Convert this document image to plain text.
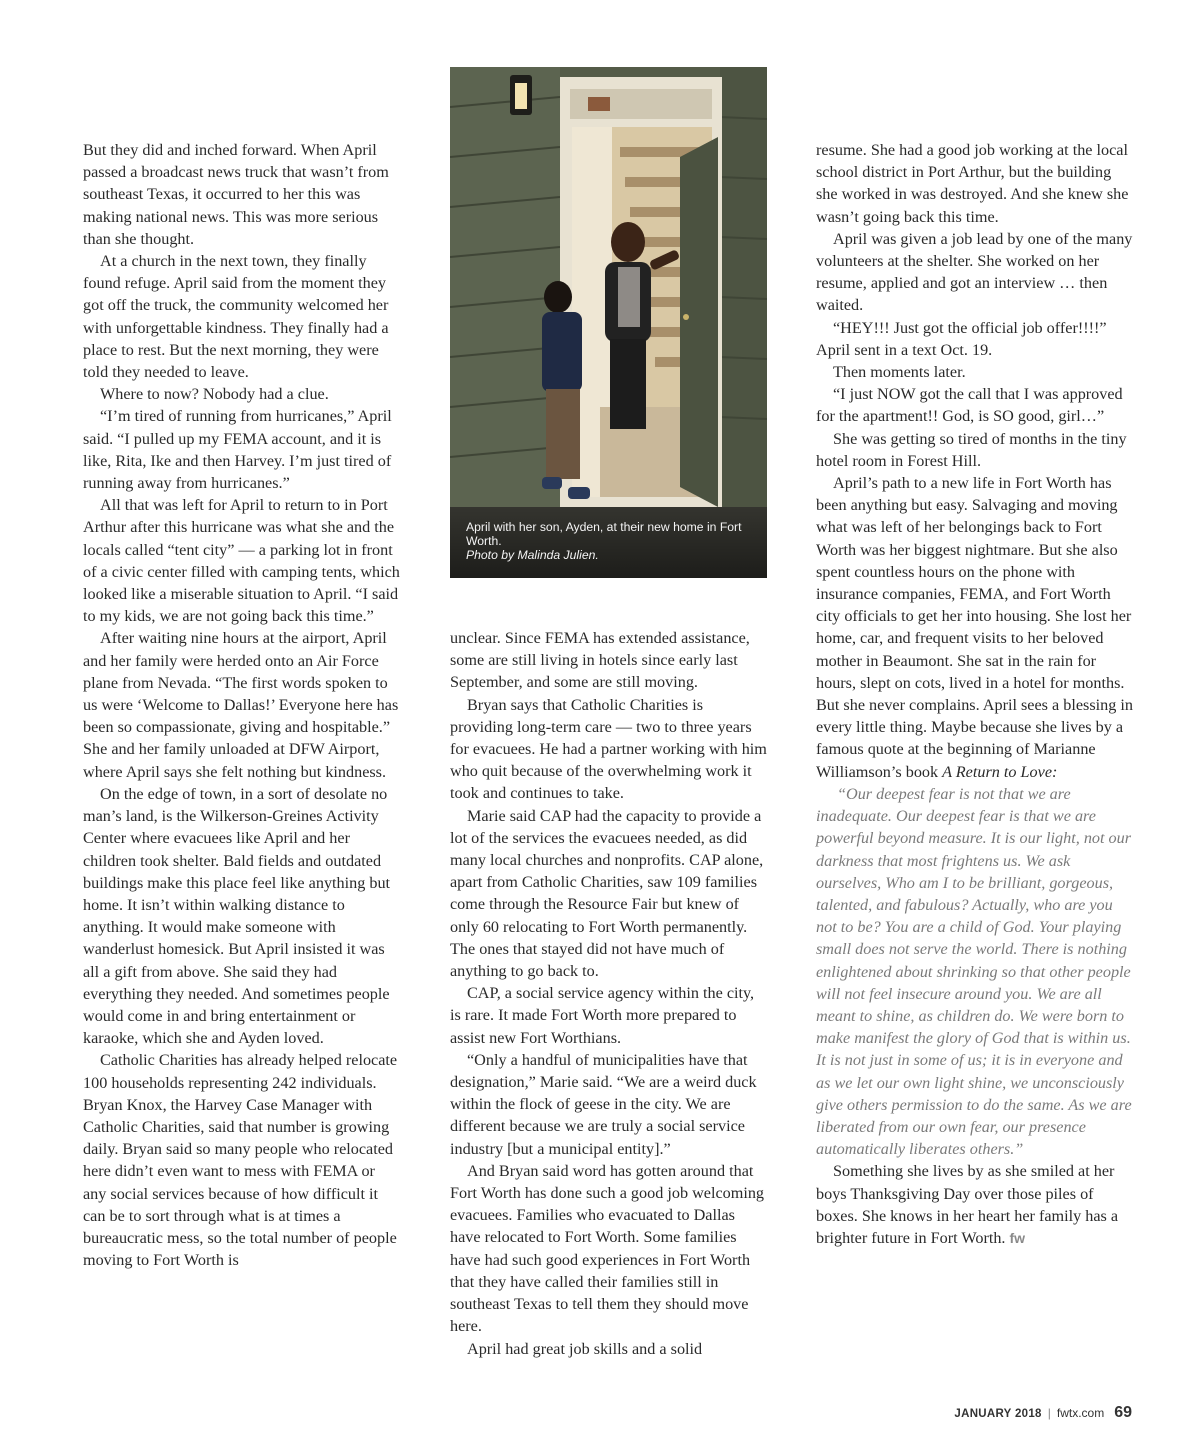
But they did and inched forward. When April passed a broadcast news truck that wasn’t from southeast Texas, it occurred to her this was making national news. This was more serious than she thought.

At a church in the next town, they finally found refuge. April said from the moment they got off the truck, the community welcomed her with unforgettable kindness. They finally had a place to rest. But the next morning, they were told they needed to leave.

Where to now? Nobody had a clue.

“I’m tired of running from hurricanes,” April said. “I pulled up my FEMA account, and it is like, Rita, Ike and then Harvey. I’m just tired of running away from hurricanes.”

All that was left for April to return to in Port Arthur after this hurricane was what she and the locals called “tent city” — a parking lot in front of a civic center filled with camping tents, which looked like a miserable situation to April. “I said to my kids, we are not going back this time.”

After waiting nine hours at the airport, April and her family were herded onto an Air Force plane from Nevada. “The first words spoken to us were ‘Welcome to Dallas!’ Everyone here has been so compassionate, giving and hospitable.” She and her family unloaded at DFW Airport, where April says she felt nothing but kindness.

On the edge of town, in a sort of desolate no man’s land, is the Wilkerson-Greines Activity Center where evacuees like April and her children took shelter. Bald fields and outdated buildings make this place feel like anything but home. It isn’t within walking distance to anything. It would make someone with wanderlust homesick. But April insisted it was all a gift from above. She said they had everything they needed. And sometimes people would come in and bring entertainment or karaoke, which she and Ayden loved.

Catholic Charities has already helped relocate 100 households representing 242 individuals. Bryan Knox, the Harvey Case Manager with Catholic Charities, said that number is growing daily. Bryan said so many people who relocated here didn’t even want to mess with FEMA or any social services because of how difficult it can be to sort through what is at times a bureaucratic mess, so the total number of people moving to Fort Worth is

April with her son, Ayden, at their new home in Fort Worth.
Photo by Malinda Julien.

unclear. Since FEMA has extended assistance, some are still living in hotels since early last September, and some are still moving.

Bryan says that Catholic Charities is providing long-term care — two to three years for evacuees. He had a partner working with him who quit because of the overwhelming work it took and continues to take.

Marie said CAP had the capacity to provide a lot of the services the evacuees needed, as did many local churches and nonprofits. CAP alone, apart from Catholic Charities, saw 109 families come through the Resource Fair but knew of only 60 relocating to Fort Worth permanently. The ones that stayed did not have much of anything to go back to.

CAP, a social service agency within the city, is rare. It made Fort Worth more prepared to assist new Fort Worthians.

“Only a handful of municipalities have that designation,” Marie said. “We are a weird duck within the flock of geese in the city. We are different because we are truly a social service industry [but a municipal entity].”

And Bryan said word has gotten around that Fort Worth has done such a good job welcoming evacuees. Families who evacuated to Dallas have relocated to Fort Worth. Some families have had such good experiences in Fort Worth that they have called their families still in southeast Texas to tell them they should move here.

April had great job skills and a solid

resume. She had a good job working at the local school district in Port Arthur, but the building she worked in was destroyed. And she knew she wasn’t going back this time.

April was given a job lead by one of the many volunteers at the shelter. She worked on her resume, applied and got an interview … then waited.

“HEY!!! Just got the official job offer!!!!” April sent in a text Oct. 19.

Then moments later.

“I just NOW got the call that I was approved for the apartment!! God, is SO good, girl…”

She was getting so tired of months in the tiny hotel room in Forest Hill.

April’s path to a new life in Fort Worth has been anything but easy. Salvaging and moving what was left of her belongings back to Fort Worth was her biggest nightmare. But she also spent countless hours on the phone with insurance companies, FEMA, and Fort Worth city officials to get her into housing. She lost her home, car, and frequent visits to her beloved mother in Beaumont. She sat in the rain for hours, slept on cots, lived in a hotel for months. But she never complains. April sees a blessing in every little thing. Maybe because she lives by a famous quote at the beginning of Marianne Williamson’s book A Return to Love:

“Our deepest fear is not that we are inadequate. Our deepest fear is that we are powerful beyond measure. It is our light, not our darkness that most frightens us. We ask ourselves, Who am I to be brilliant, gorgeous, talented, and fabulous? Actually, who are you not to be? You are a child of God. Your playing small does not serve the world. There is nothing enlightened about shrinking so that other people will not feel insecure around you. We are all meant to shine, as children do. We were born to make manifest the glory of God that is within us. It is not just in some of us; it is in everyone and as we let our own light shine, we unconsciously give others permission to do the same. As we are liberated from our own fear, our presence automatically liberates others.”

Something she lives by as she smiled at her boys Thanksgiving Day over those piles of boxes. She knows in her heart her family has a brighter future in Fort Worth. fw

JANUARY 2018 | fwtx.com 69
